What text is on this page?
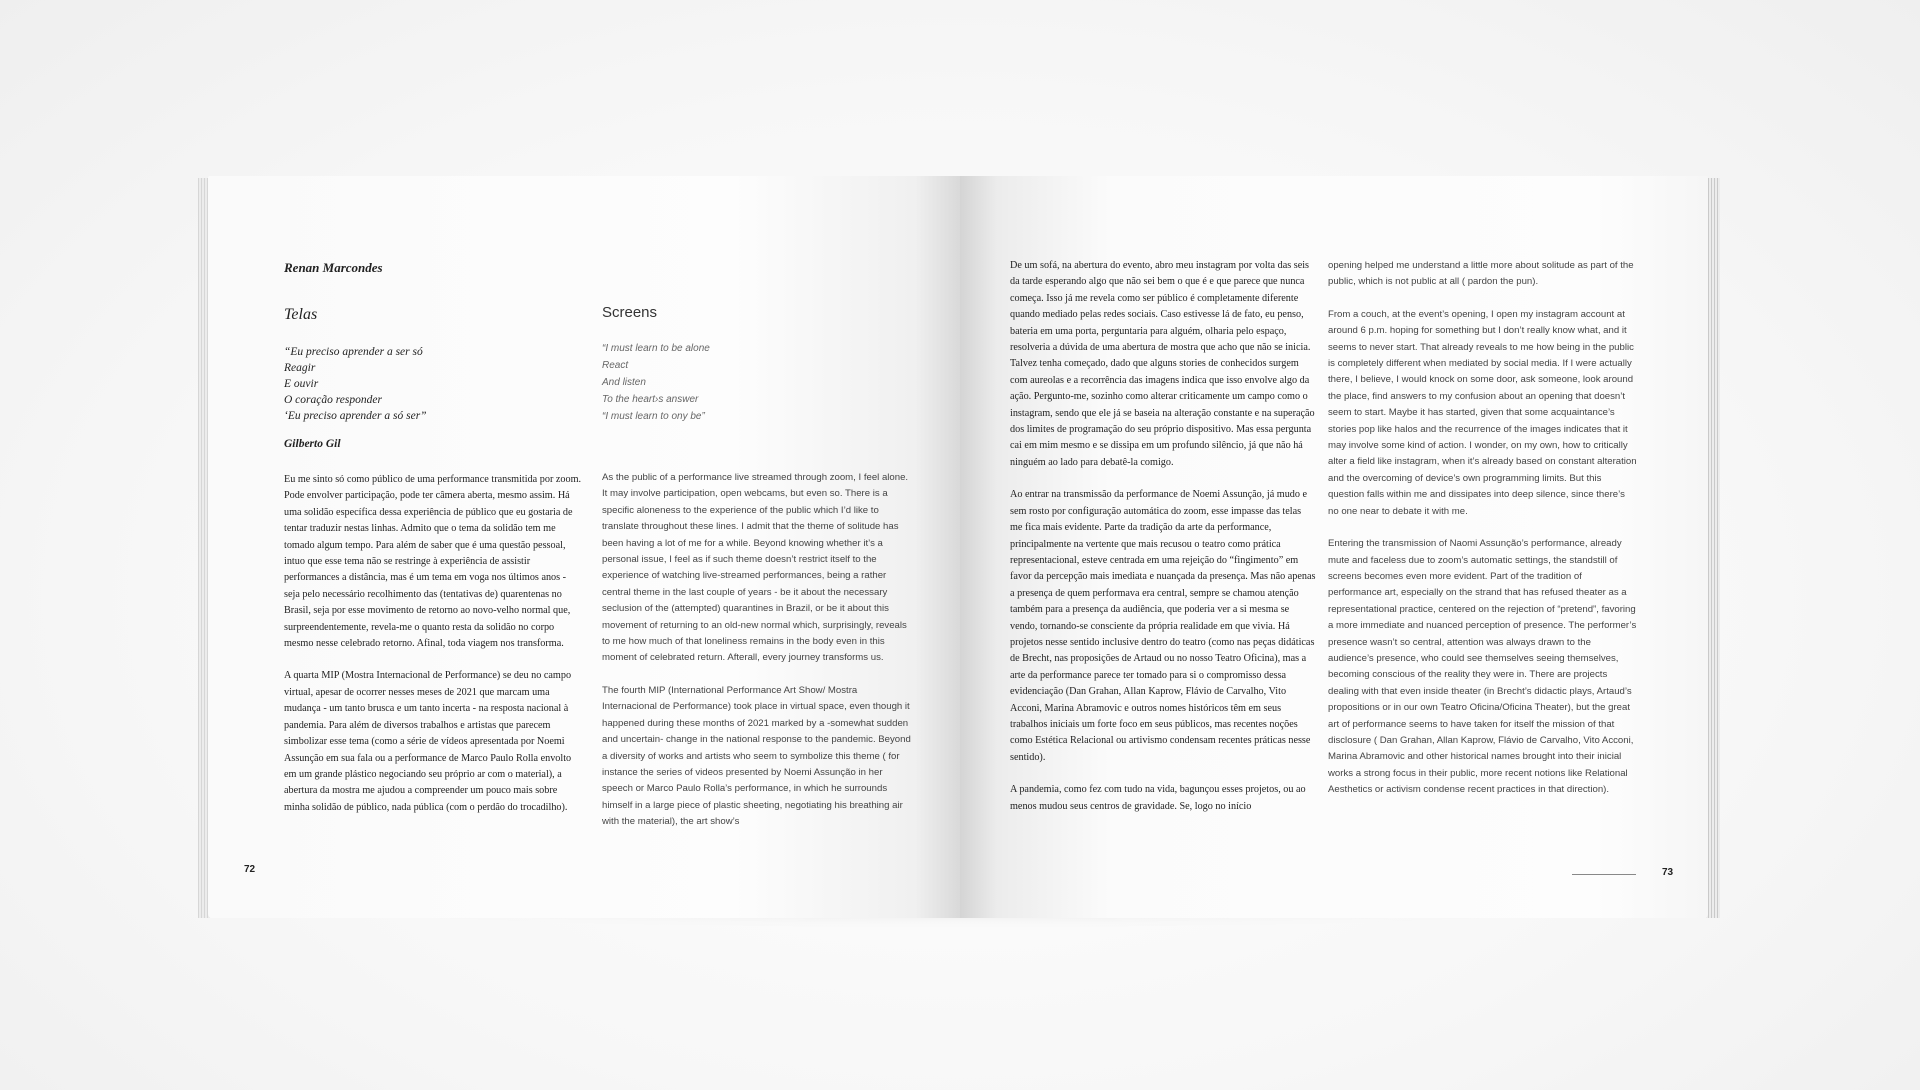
Renan Marcondes
Telas	Screens
“Eu preciso aprender a ser só
Reagir
E ouvir
O coração responder
‘Eu preciso aprender a só ser”
“I must learn to be alone
React
And listen
To the heart›s answer
“I must learn to ony be”
Gilberto Gil

Eu me sinto só como público de uma performance transmitida por zoom. Pode envolver participação, pode ter câmera aberta, mesmo assim. Há uma solidão específica dessa experiência de público que eu gostaria de tentar traduzir nestas linhas. Admito que o tema da solidão tem me tomado algum tempo. Para além de saber que é uma questão pessoal, intuo que esse tema não se restringe à experiência de assistir performances a distância, mas é um tema em voga nos últimos anos - seja pelo necessário recolhimento das (tentativas de) quarentenas no Brasil, seja por esse movimento de retorno ao novo-velho normal que, surpreendentemente, revela-me o quanto resta da solidão no corpo mesmo nesse celebrado retorno. Afinal, toda viagem nos transforma.

A quarta MIP (Mostra Internacional de Performance) se deu no campo virtual, apesar de ocorrer nesses meses de 2021 que marcam uma mudança - um tanto brusca e um tanto incerta - na resposta nacional à pandemia. Para além de diversos trabalhos e artistas que parecem simbolizar esse tema (como a série de vídeos apresentada por Noemi Assunção em sua fala ou a performance de Marco Paulo Rolla envolto em um grande plástico negociando seu próprio ar com o material), a abertura da mostra me ajudou a compreender um pouco mais sobre minha solidão de público, nada pública (com o perdão do trocadilho).

As the public of a performance live streamed through zoom, I feel alone. It may involve participation, open webcams, but even so. There is a specific aloneness to the experience of the public which I’d like to translate throughout these lines. I admit that the theme of solitude has been having a lot of me for a while. Beyond knowing whether it’s a personal issue, I feel as if such theme doesn’t restrict itself to the experience of watching live-streamed performances, being a rather central theme in the last couple of years - be it about the necessary seclusion of the (attempted) quarantines in Brazil, or be it about this movement of returning to an old-new normal which, surprisingly, reveals to me how much of that loneliness remains in the body even in this moment of celebrated return. Afterall, every journey transforms us.

The fourth MIP (International Performance Art Show/ Mostra Internacional de Performance) took place in virtual space, even though it happened during these months of 2021 marked by a -somewhat sudden and uncertain- change in the national response to the pandemic. Beyond a diversity of works and artists who seem to symbolize this theme ( for instance the series of videos presented by Noemi Assunção in her speech or Marco Paulo Rolla’s performance, in which he surrounds himself in a large piece of plastic sheeting, negotiating his breathing air with the material), the art show’s

72

De um sofá, na abertura do evento, abro meu instagram por volta das seis da tarde esperando algo que não sei bem o que é e que parece que nunca começa. Isso já me revela como ser público é completamente diferente quando mediado pelas redes sociais. Caso estivesse lá de fato, eu penso, bateria em uma porta, perguntaria para alguém, olharia pelo espaço, resolveria a dúvida de uma abertura de mostra que acho que não se inicia. Talvez tenha começado, dado que alguns stories de conhecidos surgem com aureolas e a recorrência das imagens indica que isso envolve algo da ação. Pergunto-me, sozinho como alterar criticamente um campo como o instagram, sendo que ele já se baseia na alteração constante e na superação dos limites de programação do seu próprio dispositivo. Mas essa pergunta cai em mim mesmo e se dissipa em um profundo silêncio, já que não há ninguém ao lado para debatê-la comigo.

Ao entrar na transmissão da performance de Noemi Assunção, já mudo e sem rosto por configuração automática do zoom, esse impasse das telas me fica mais evidente. Parte da tradição da arte da performance, principalmente na vertente que mais recusou o teatro como prática representacional, esteve centrada em uma rejeição do “fingimento” em favor da percepção mais imediata e nuançada da presença. Mas não apenas a presença de quem performava era central, sempre se chamou atenção também para a presença da audiência, que poderia ver a si mesma se vendo, tornando-se consciente da própria realidade em que vivia. Há projetos nesse sentido inclusive dentro do teatro (como nas peças didáticas de Brecht, nas proposições de Artaud ou no nosso Teatro Oficina), mas a arte da performance parece ter tomado para si o compromisso dessa evidenciação (Dan Grahan, Allan Kaprow, Flávio de Carvalho, Vito Acconi, Marina Abramovic e outros nomes históricos têm em seus trabalhos iniciais um forte foco em seus públicos, mas recentes noções como Estética Relacional ou artivismo condensam recentes práticas nesse sentido).

A pandemia, como fez com tudo na vida, bagunçou esses projetos, ou ao menos mudou seus centros de gravidade. Se, logo no início

opening helped me understand a little more about solitude as part of the public, which is not public at all ( pardon the pun).

From a couch, at the event’s opening, I open my instagram account at around 6 p.m. hoping for something but I don’t really know what, and it seems to never start. That already reveals to me how being in the public is completely different when mediated by social media. If I were actually there, I believe, I would knock on some door, ask someone, look around the place, find answers to my confusion about an opening that doesn’t seem to start. Maybe it has started, given that some acquaintance’s stories pop like halos and the recurrence of the images indicates that it may involve some kind of action. I wonder, on my own, how to critically alter a field like instagram, when it’s already based on constant alteration and the overcoming of device’s own programming limits. But this question falls within me and dissipates into deep silence, since there’s no one near to debate it with me.

Entering the transmission of Naomi Assunção’s performance, already mute and faceless due to zoom’s automatic settings, the standstill of screens becomes even more evident. Part of the tradition of performance art, especially on the strand that has refused theater as a representational practice, centered on the rejection of “pretend”, favoring a more immediate and nuanced perception of presence. The performer’s presence wasn’t so central, attention was always drawn to the audience’s presence, who could see themselves seeing themselves, becoming conscious of the reality they were in. There are projects dealing with that even inside theater (in Brecht’s didactic plays, Artaud’s propositions or in our own Teatro Oficina/Oficina Theater), but the great art of performance seems to have taken for itself the mission of that disclosure ( Dan Grahan, Allan Kaprow, Flávio de Carvalho, Vito Acconi, Marina Abramovic and other historical names brought into their inicial works a strong focus in their public, more recent notions like Relational Aesthetics or activism condense recent practices in that direction).

73
